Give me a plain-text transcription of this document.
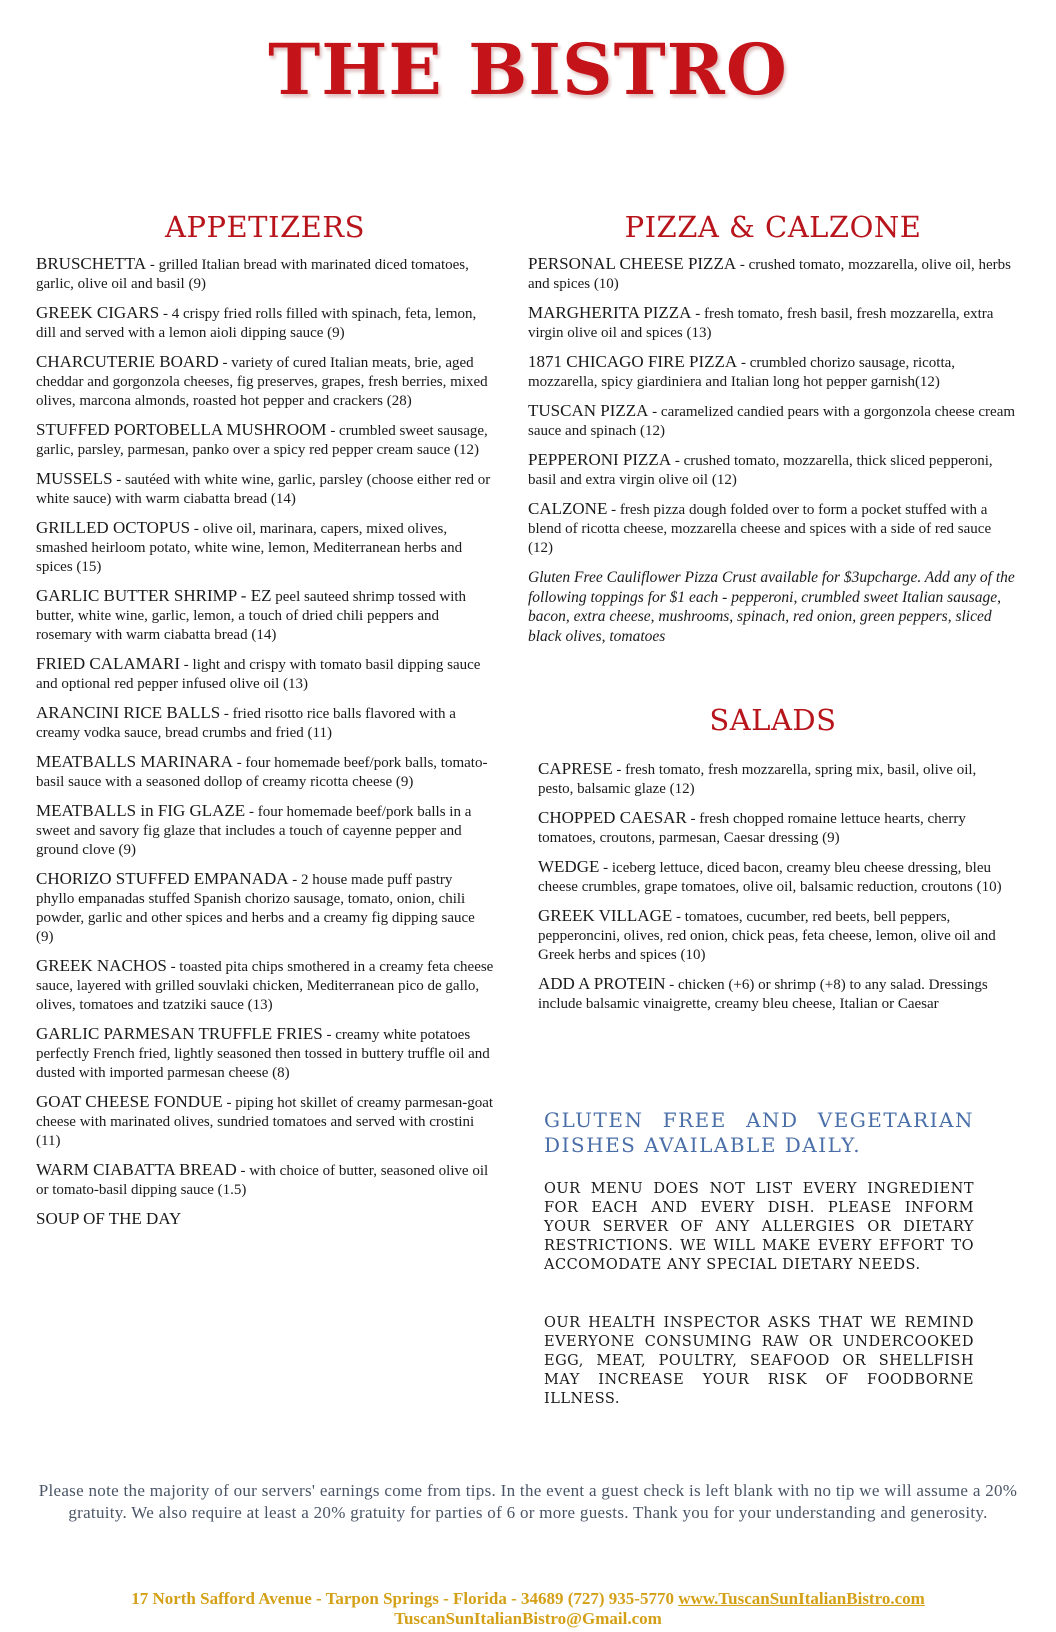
THE BISTRO
APPETIZERS
BRUSCHETTA - grilled Italian bread with marinated diced tomatoes, garlic, olive oil and basil (9)
GREEK CIGARS - 4 crispy fried rolls filled with spinach, feta, lemon, dill and served with a lemon aioli dipping sauce (9)
CHARCUTERIE BOARD - variety of cured Italian meats, brie, aged cheddar and gorgonzola cheeses, fig preserves, grapes, fresh berries, mixed olives, marcona almonds, roasted hot pepper and crackers (28)
STUFFED PORTOBELLA MUSHROOM - crumbled sweet sausage, garlic, parsley, parmesan, panko over a spicy red pepper cream sauce (12)
MUSSELS - sautéed with white wine, garlic, parsley (choose either red or white sauce) with warm ciabatta bread (14)
GRILLED OCTOPUS - olive oil, marinara, capers, mixed olives, smashed heirloom potato, white wine, lemon, Mediterranean herbs and spices (15)
GARLIC BUTTER SHRIMP - EZ peel sauteed shrimp tossed with butter, white wine, garlic, lemon, a touch of dried chili peppers and rosemary with warm ciabatta bread (14)
FRIED CALAMARI - light and crispy with tomato basil dipping sauce and optional red pepper infused olive oil (13)
ARANCINI RICE BALLS - fried risotto rice balls flavored with a creamy vodka sauce, bread crumbs and fried (11)
MEATBALLS MARINARA - four homemade beef/pork balls, tomato-basil sauce with a seasoned dollop of creamy ricotta cheese (9)
MEATBALLS in FIG GLAZE - four homemade beef/pork balls in a sweet and savory fig glaze that includes a touch of cayenne pepper and ground clove (9)
CHORIZO STUFFED EMPANADA - 2 house made puff pastry phyllo empanadas stuffed Spanish chorizo sausage, tomato, onion, chili powder, garlic and other spices and herbs and a creamy fig dipping sauce (9)
GREEK NACHOS - toasted pita chips smothered in a creamy feta cheese sauce, layered with grilled souvlaki chicken, Mediterranean pico de gallo, olives, tomatoes and tzatziki sauce (13)
GARLIC PARMESAN TRUFFLE FRIES - creamy white potatoes perfectly French fried, lightly seasoned then tossed in buttery truffle oil and dusted with imported parmesan cheese (8)
GOAT CHEESE FONDUE - piping hot skillet of creamy parmesan-goat cheese with marinated olives, sundried tomatoes and served with crostini (11)
WARM CIABATTA BREAD - with choice of butter, seasoned olive oil or tomato-basil dipping sauce (1.5)
SOUP OF THE DAY
PIZZA & CALZONE
PERSONAL CHEESE PIZZA - crushed tomato, mozzarella, olive oil, herbs and spices (10)
MARGHERITA PIZZA - fresh tomato, fresh basil, fresh mozzarella, extra virgin olive oil and spices (13)
1871 CHICAGO FIRE PIZZA - crumbled chorizo sausage, ricotta, mozzarella, spicy giardiniera and Italian long hot pepper garnish(12)
TUSCAN PIZZA - caramelized candied pears with a gorgonzola cheese cream sauce and spinach (12)
PEPPERONI PIZZA - crushed tomato, mozzarella, thick sliced pepperoni, basil and extra virgin olive oil (12)
CALZONE - fresh pizza dough folded over to form a pocket stuffed with a blend of ricotta cheese, mozzarella cheese and spices with a side of red sauce (12)
Gluten Free Cauliflower Pizza Crust available for $3upcharge. Add any of the following toppings for $1 each - pepperoni, crumbled sweet Italian sausage, bacon, extra cheese, mushrooms, spinach, red onion, green peppers, sliced black olives, tomatoes
SALADS
CAPRESE - fresh tomato, fresh mozzarella, spring mix, basil, olive oil, pesto, balsamic glaze (12)
CHOPPED CAESAR - fresh chopped romaine lettuce hearts, cherry tomatoes, croutons, parmesan, Caesar dressing (9)
WEDGE - iceberg lettuce, diced bacon, creamy bleu cheese dressing, bleu cheese crumbles, grape tomatoes, olive oil, balsamic reduction, croutons (10)
GREEK VILLAGE - tomatoes, cucumber, red beets, bell peppers, pepperoncini, olives, red onion, chick peas, feta cheese, lemon, olive oil and Greek herbs and spices (10)
ADD A PROTEIN - chicken (+6) or shrimp (+8) to any salad. Dressings include balsamic vinaigrette, creamy bleu cheese, Italian or Caesar
GLUTEN FREE AND VEGETARIAN DISHES AVAILABLE DAILY.
OUR MENU DOES NOT LIST EVERY INGREDIENT FOR EACH AND EVERY DISH. PLEASE INFORM YOUR SERVER OF ANY ALLERGIES OR DIETARY RESTRICTIONS. WE WILL MAKE EVERY EFFORT TO ACCOMODATE ANY SPECIAL DIETARY NEEDS.
OUR HEALTH INSPECTOR ASKS THAT WE REMIND EVERYONE CONSUMING RAW OR UNDERCOOKED EGG, MEAT, POULTRY, SEAFOOD OR SHELLFISH MAY INCREASE YOUR RISK OF FOODBORNE ILLNESS.
Please note the majority of our servers' earnings come from tips. In the event a guest check is left blank with no tip we will assume a 20% gratuity. We also require at least a 20% gratuity for parties of 6 or more guests. Thank you for your understanding and generosity.
17 North Safford Avenue - Tarpon Springs - Florida - 34689 (727) 935-5770 www.TuscanSunItalianBistro.com
TuscanSunItalianBistro@Gmail.com
